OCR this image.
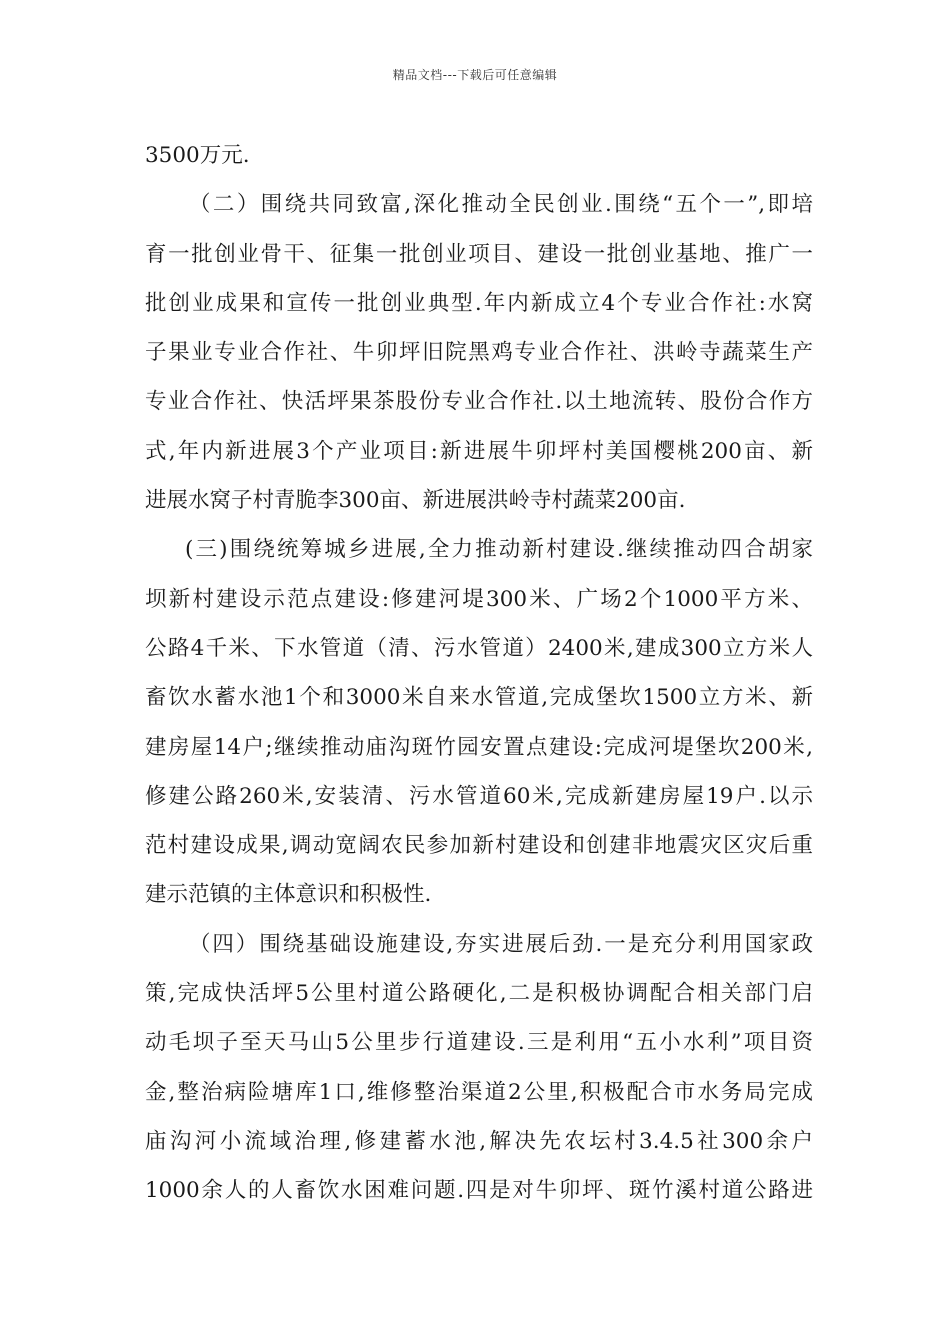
精品文档---下载后可任意编辑
3500万元.
（二）围绕共同致富,深化推动全民创业.围绕“五个一”,即培
育一批创业骨干、征集一批创业项目、建设一批创业基地、推广一
批创业成果和宣传一批创业典型.年内新成立4个专业合作社:水窝
子果业专业合作社、牛卯坪旧院黑鸡专业合作社、洪岭寺蔬菜生产
专业合作社、快活坪果茶股份专业合作社.以土地流转、股份合作方
式,年内新进展3个产业项目:新进展牛卯坪村美国樱桃200亩、新
进展水窝子村青脆李300亩、新进展洪岭寺村蔬菜200亩.
(三)围绕统筹城乡进展,全力推动新村建设.继续推动四合胡家
坝新村建设示范点建设:修建河堤300米、广场2个1000平方米、
公路4千米、下水管道（清、污水管道）2400米,建成300立方米人
畜饮水蓄水池1个和3000米自来水管道,完成堡坎1500立方米、新
建房屋14户;继续推动庙沟斑竹园安置点建设:完成河堤堡坎200米,
修建公路260米,安装清、污水管道60米,完成新建房屋19户.以示
范村建设成果,调动宽阔农民参加新村建设和创建非地震灾区灾后重
建示范镇的主体意识和积极性.
（四）围绕基础设施建设,夯实进展后劲.一是充分利用国家政
策,完成快活坪5公里村道公路硬化,二是积极协调配合相关部门启
动毛坝子至天马山5公里步行道建设.三是利用“五小水利”项目资
金,整治病险塘库1口,维修整治渠道2公里,积极配合市水务局完成
庙沟河小流域治理,修建蓄水池,解决先农坛村3.4.5社300余户
1000余人的人畜饮水困难问题.四是对牛卯坪、斑竹溪村道公路进
